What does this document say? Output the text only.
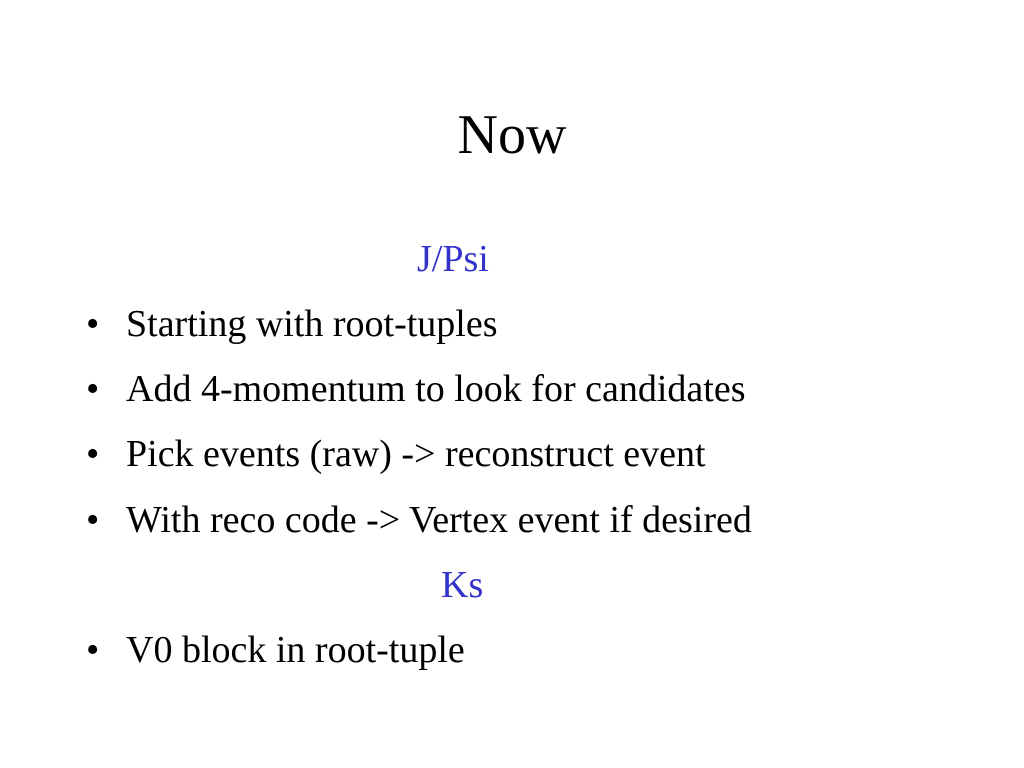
Now
J/Psi
• Starting with root-tuples
• Add 4-momentum to look for candidates
• Pick events (raw) -> reconstruct event
• With reco code -> Vertex event if desired
Ks
• V0 block in root-tuple
